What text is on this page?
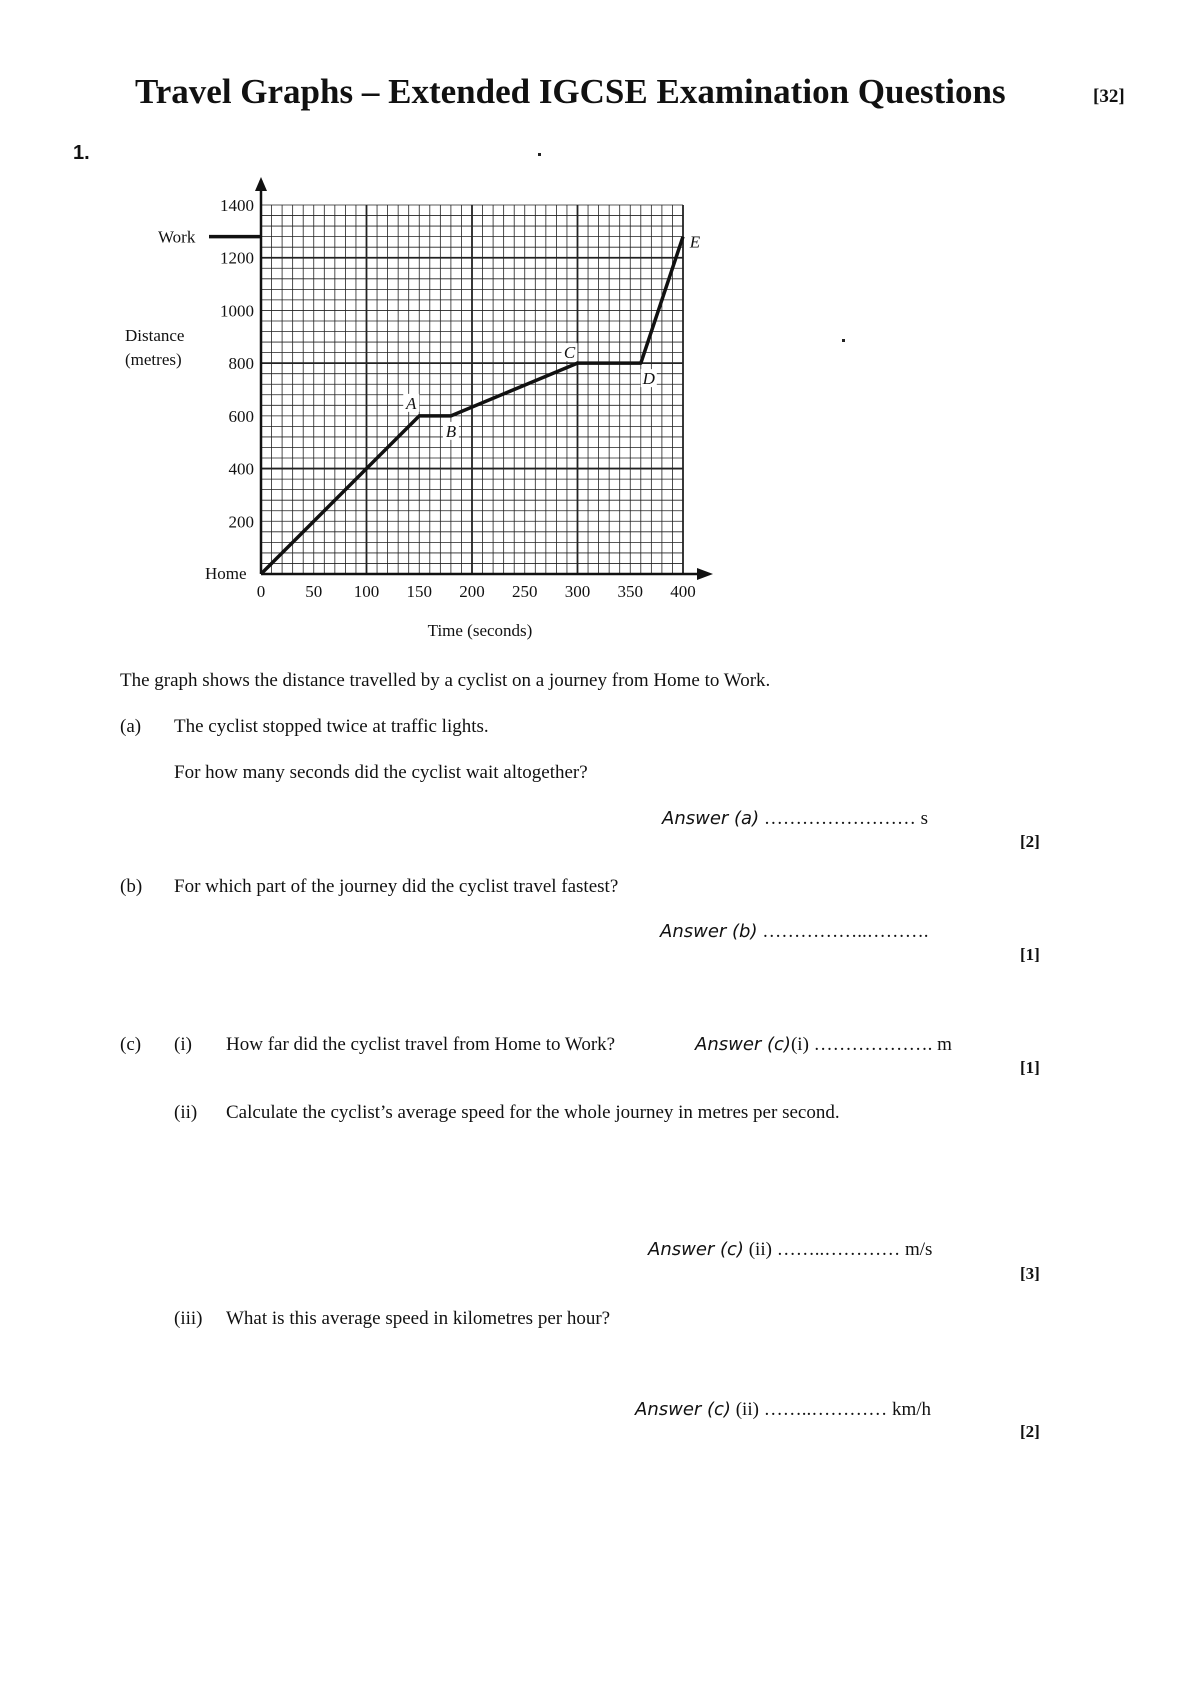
Travel Graphs – Extended IGCSE Examination Questions	[32]
1.
0 50 100 150 200 250 300 350 400
200
400
600
800
1000
1200
1400
A
B
C
D
E
Work
Home
Distance
(metres)
Time (seconds)
The graph shows the distance travelled by a cyclist on a journey from Home to Work.
(a) The cyclist stopped twice at traffic lights.
For how many seconds did the cyclist wait altogether?
Answer (a) …………………… s
[2]
(b) For which part of the journey did the cyclist travel fastest?
Answer (b) ……………..……….
[1]
(c) (i) How far did the cyclist travel from Home to Work?	Answer (c)(i) ………………. m
[1]
(ii) Calculate the cyclist’s average speed for the whole journey in metres per second.
Answer (c) (ii) ……..………… m/s
[3]
(iii) What is this average speed in kilometres per hour?
Answer (c) (ii) ……..………… km/h
[2]
